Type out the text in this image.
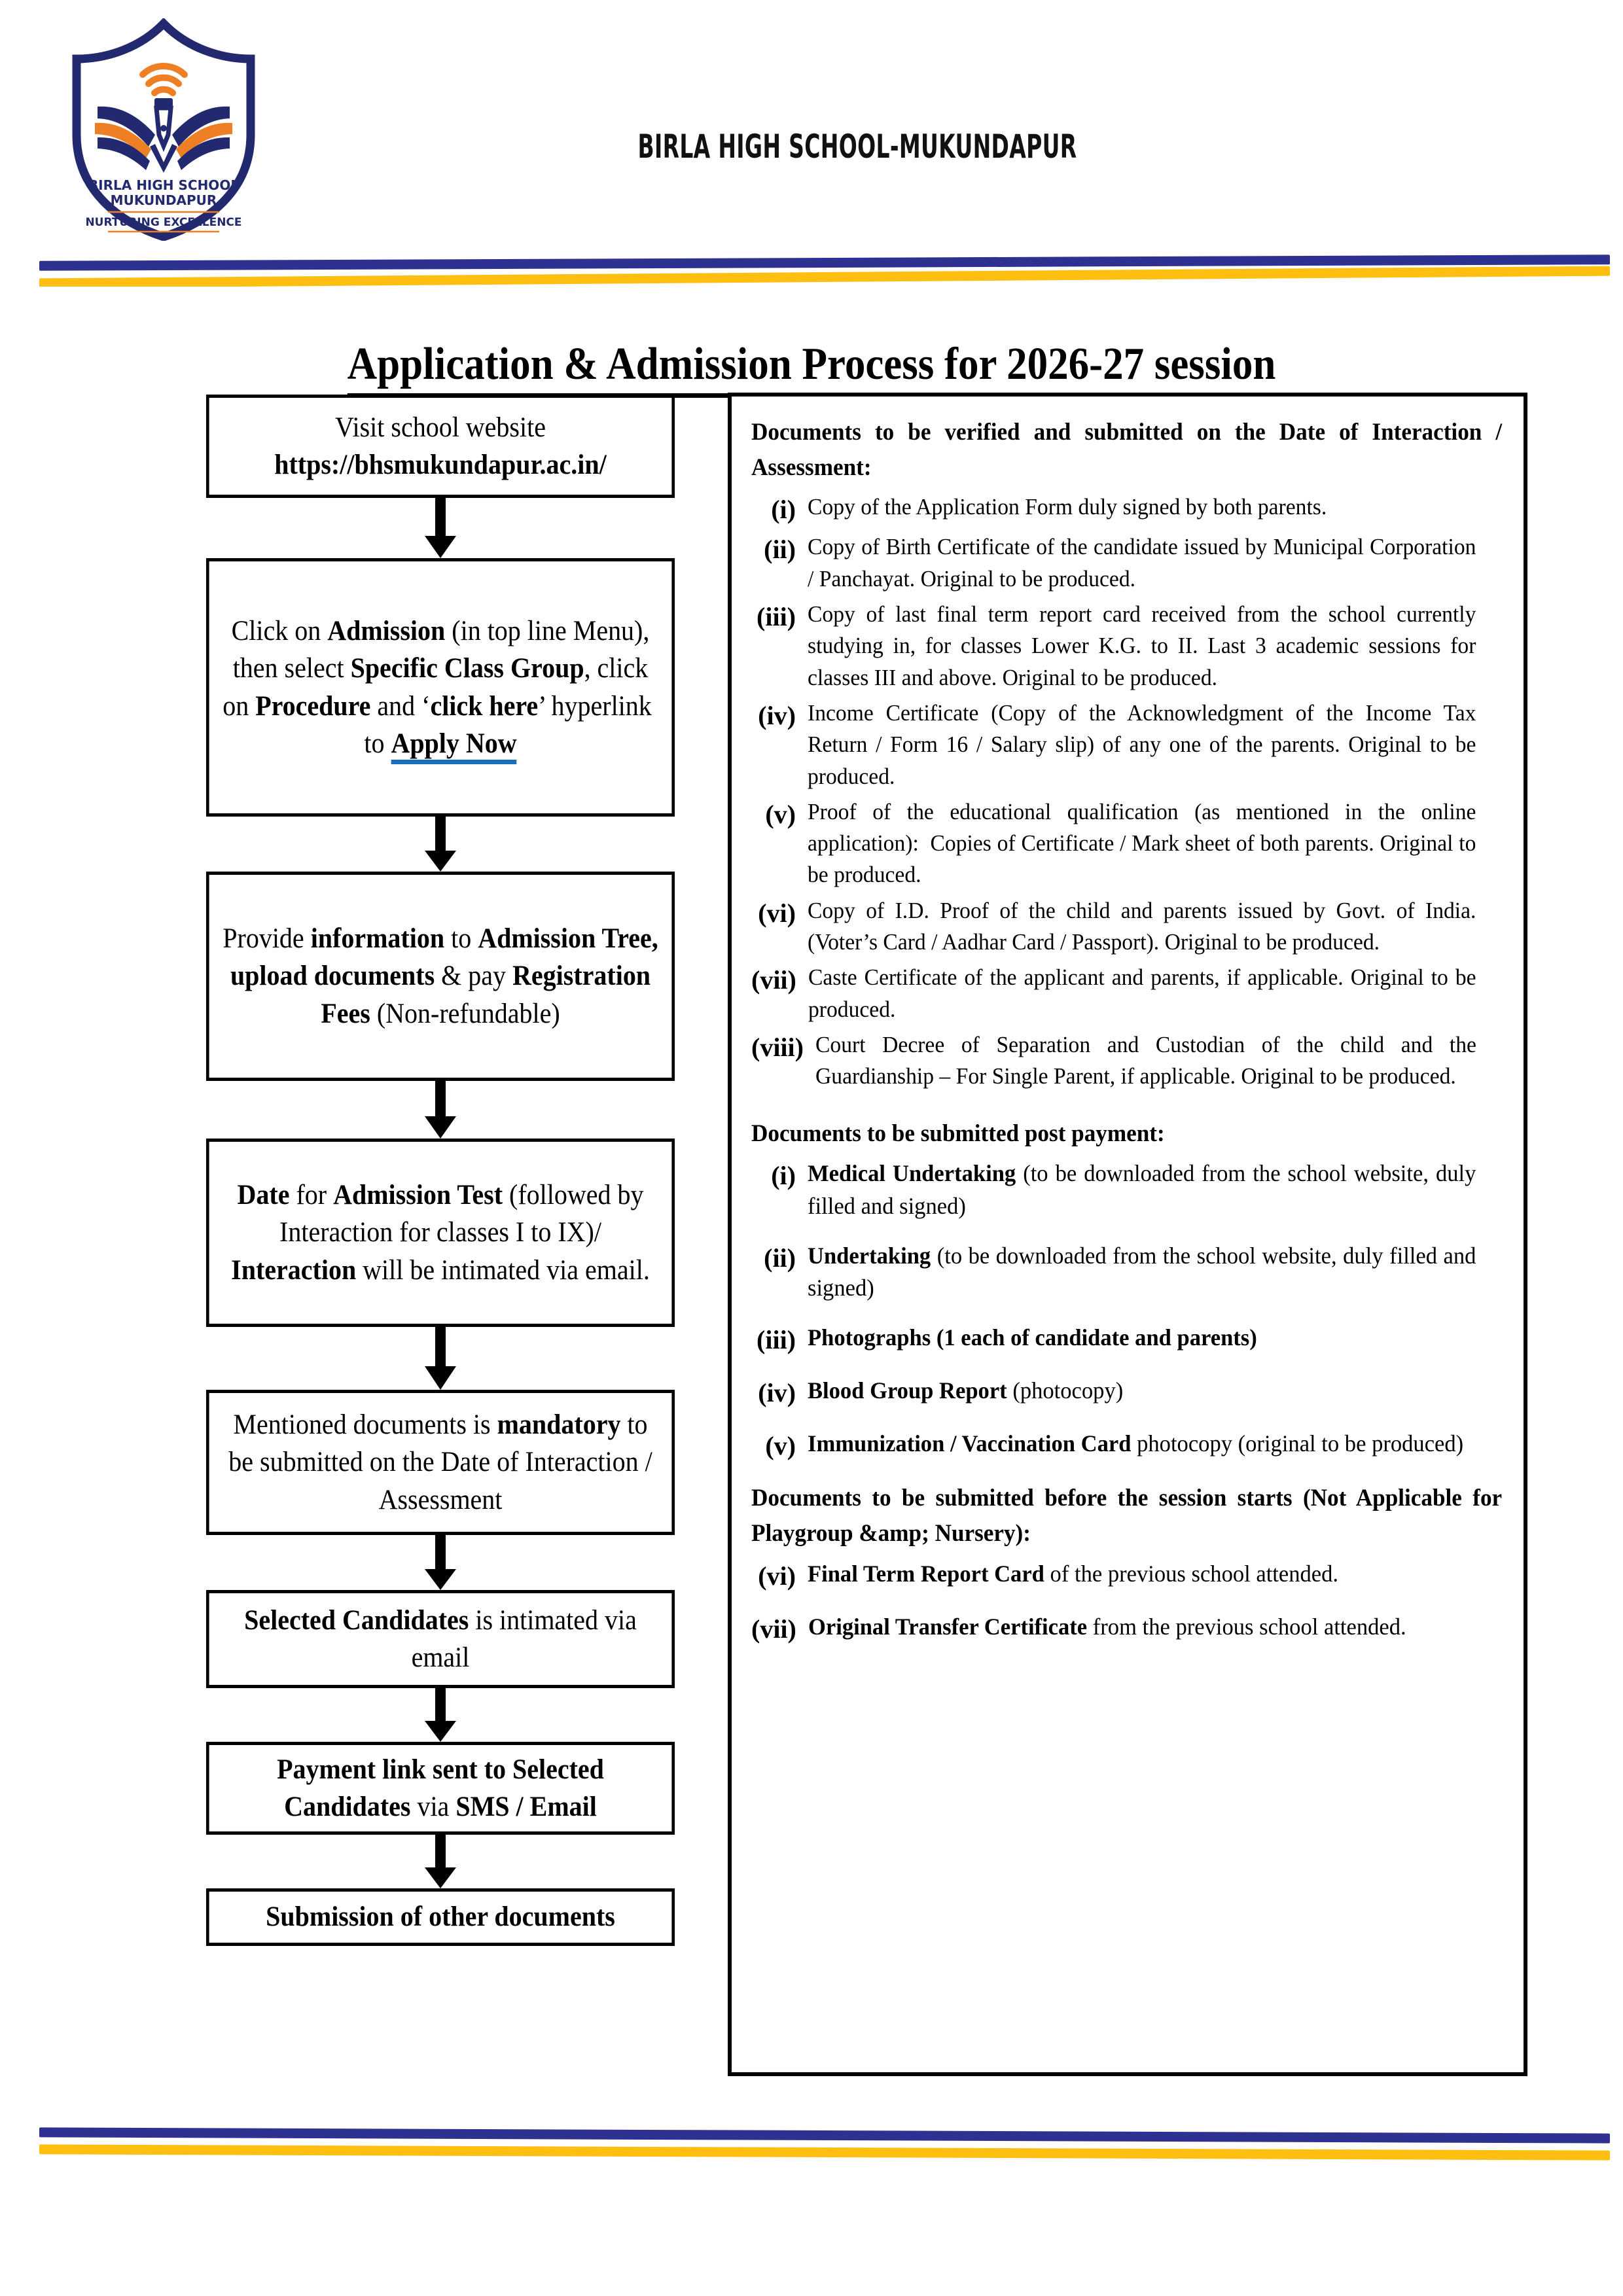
BIRLA HIGH SCHOOL
MUKUNDAPUR
NURTURING EXCELLENCE
BIRLA HIGH SCHOOL-MUKUNDAPUR
Application & Admission Process for 2026-27 session
Visit school website
https://bhsmukundapur.ac.in/
Click on Admission (in top line Menu), then select Specific Class Group, click on Procedure and ‘click here’ hyperlink  to Apply Now
Provide information to Admission Tree, upload documents & pay Registration Fees (Non-refundable)
Date for Admission Test (followed by Interaction for classes I to IX)/ Interaction will be intimated via email.
Mentioned documents is mandatory to be submitted on the Date of Interaction / Assessment
Selected Candidates is intimated via email
Payment link sent to Selected Candidates via SMS / Email
Submission of other documents
Documents to be verified and submitted on the Date of Interaction / Assessment:
(i) Copy of the Application Form duly signed by both parents.
(ii) Copy of Birth Certificate of the candidate issued by Municipal Corporation / Panchayat. Original to be produced.
(iii) Copy of last final term report card received from the school currently studying in, for classes Lower K.G. to II. Last 3 academic sessions for classes III and above. Original to be produced.
(iv) Income Certificate (Copy of the Acknowledgment of the Income Tax Return / Form 16 / Salary slip) of any one of the parents. Original to be produced.
(v) Proof of the educational qualification (as mentioned in the online application):  Copies of Certificate / Mark sheet of both parents. Original to be produced.
(vi) Copy of I.D. Proof of the child and parents issued by Govt. of India. (Voter’s Card / Aadhar Card / Passport). Original to be produced.
(vii) Caste Certificate of the applicant and parents, if applicable. Original to be produced.
(viii) Court Decree of Separation and Custodian of the child and the Guardianship – For Single Parent, if applicable. Original to be produced.
Documents to be submitted post payment:
(i) Medical Undertaking (to be downloaded from the school website, duly filled and signed)
(ii) Undertaking (to be downloaded from the school website, duly filled and signed)
(iii) Photographs (1 each of candidate and parents)
(iv) Blood Group Report (photocopy)
(v) Immunization / Vaccination Card photocopy (original to be produced)
Documents to be submitted before the session starts (Not Applicable for Playgroup &amp; Nursery):
(vi) Final Term Report Card of the previous school attended.
(vii) Original Transfer Certificate from the previous school attended.
